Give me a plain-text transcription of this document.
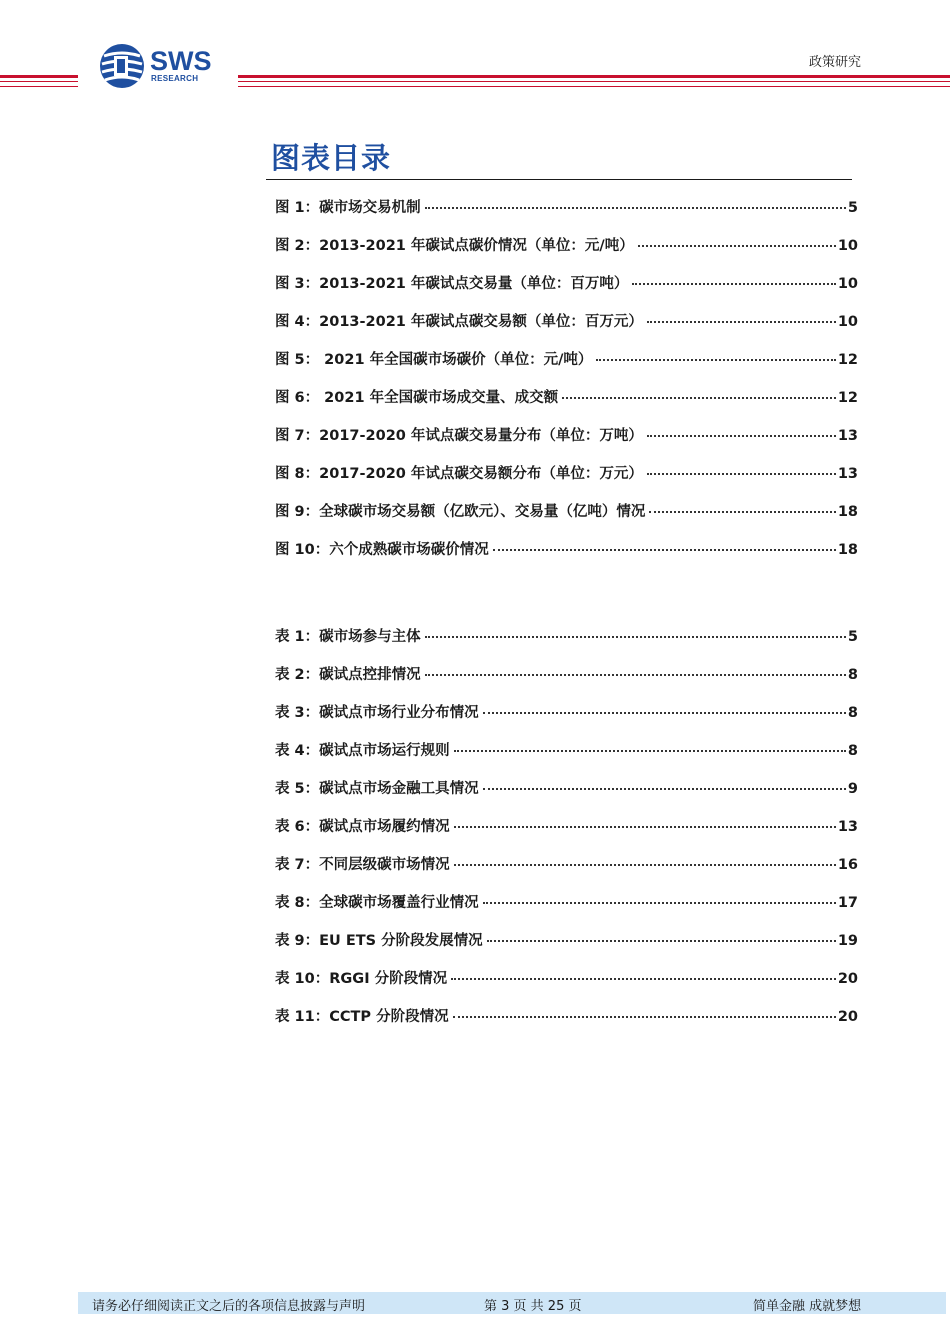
SWS
RESEARCH
政策研究
图表目录
图 1：碳市场交易机制	5
图 2：2013-2021 年碳试点碳价情况（单位：元/吨）	10
图 3：2013-2021 年碳试点交易量（单位：百万吨）	10
图 4：2013-2021 年碳试点碳交易额（单位：百万元）	10
图 5： 2021 年全国碳市场碳价（单位：元/吨）	12
图 6： 2021 年全国碳市场成交量、成交额	12
图 7：2017-2020 年试点碳交易量分布（单位：万吨）	13
图 8：2017-2020 年试点碳交易额分布（单位：万元）	13
图 9：全球碳市场交易额（亿欧元）、交易量（亿吨）情况	18
图 10：六个成熟碳市场碳价情况	18
表 1：碳市场参与主体	5
表 2：碳试点控排情况	8
表 3：碳试点市场行业分布情况	8
表 4：碳试点市场运行规则	8
表 5：碳试点市场金融工具情况	9
表 6：碳试点市场履约情况	13
表 7：不同层级碳市场情况	16
表 8：全球碳市场覆盖行业情况	17
表 9：EU ETS 分阶段发展情况	19
表 10：RGGI 分阶段情况	20
表 11：CCTP 分阶段情况	20
请务必仔细阅读正文之后的各项信息披露与声明	第 3 页 共 25 页	简单金融 成就梦想
